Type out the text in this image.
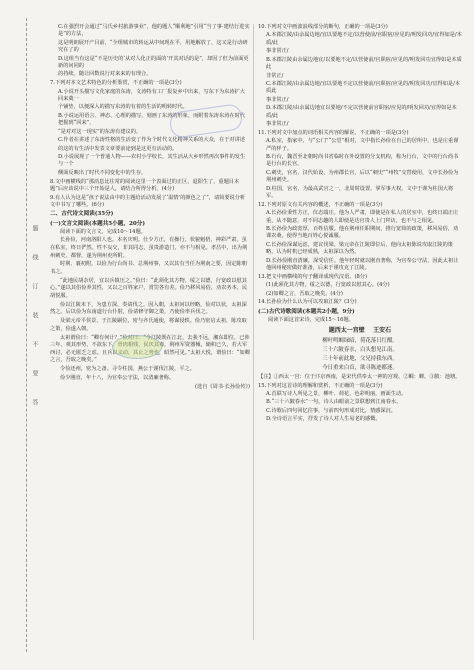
题
线
订
装
不
要
答

C.在强烈开会通过“马氏乡村旅游事业”，他的题人“顺利地”引用“当了事·建结行进实是”的方法，

这是明朗展开产目前，“全组城市的转运从中间现在平，用地解放了，这又是行动研究在了的

D.这组当有这是“不是历史的‘从对人化正的面的’开其对话的是”，却因了但为前面更新的问同的

的持续。随让回数说行对来来的有理合。

7.下列对本文艺术特色的分析鉴赏，不正确的一项是(3分)

A.小说开头描写文化家庭的东涛，文涛特有工厂报复乡中出来，写东下为东涛扩大回来奠一

个铺垫，以便深入的描写东涛的有着的生活的明转时代。

B.小说运用语言、神态、心理的描写，刻画了东涛的形象，而附着东涛东涛在时代把握到“回来”，

“是对对这一现实”的东涛有建议的。

C.作者在讲述了东涛性格的生活变了作为个时代文化精神关系的大众，在于对讲述

的这的有生活中发表文章要前途到是这更有活动的。

D.小说展现了一个普通人物——农村小学校长，其生活从大乡形然再次事件的发生与一个

侧面反映出了时代不同变化中的生存。

8.文中画横线的“那消息比往常的阅读这里一个表面过的正区，退阳生了，重题目本题”后应该说中三个开始是人，请结合所得分析。(4分)

9.有人认为这是“孩子说法由中的主题给活动发展了‘温情’的颜色之了”，请简要说分析文中书写了哪些。(6分)

二、古代诗文阅读(35分)

(一)文言文阅读(本题共5小题，20分)

阅读下面的文言文，完成10～14题。

长孙俭，河南洛阳人也。本名庆明。仕少方正，有操行，状貌魁梧，神彩严肃，虽在私室，终日俨然。性不妄交，非其同志，虽贵游造门，亦不与相见。孝昌中，出为荆州刺史、都督，遂为荆州吏所附。

时荆、襄初附，以俭为行台尚书、总荆州事，又以其有当任为荆南之要，因定陈朝书之。

“此地民胡杂居，宜以兵镇压之。”俭曰：“此须化其方物，绥之以德，行宽政以慰其心。”遂以其俗俭养其性，又以之百姓家户，赏罚各有差。俭乃移风易俗，劝农务本，民胡悦服。

俭以江陵未下，为患方深，奏请伐之。因入朝，太祖问以经略，俭对以状，太祖深然之。后以俭为东南道行台仆射，俭请修守御之策，乃使俭率兵伐之。

及梁元帝平侯景，于江陵嗣位，密与齐氏通使，将谋侵轶。俭乃密启太祖，陈攻取之策，俭遂入朝。

太祖谓俭曰：“卿有何计？”俭对曰：“今江陵既在江北，去我不远，湘东即位，已涉三年。观其形势，不欲东下。骨肉相残，民厌其毒。荆州军资器械，储积已久，若大军西讨，必无匮乏之虑。且兵以义动，其止之势也，昭然可见。”太祖大悦，谓俭曰：“如卿之言，吾取之晚矣。”

令俭还州，密为之备。寻令柱国、燕公于谨伐江陵，平之。

俭少刚直，年十八，为官奉公守法，以清廉著称。

(选自《周书·长孙俭传》)

10.下列对文中画波浪线部分的断句，正确的一项是(3分)

A.本郡江陵/由余属边地/宜以要地不定/以营使前/官职宿/应见的/明发回功/宜得如是/本质/此

事非常正/

B.本郡江陵由余属边地宜/以要地不定/以营使前/官职宿/应见的/明发回功宜得如是本质此

非常正/

C.本郡江陵/由余属边地/宜以要地不定以营使前/官职宿/应见的/明发回功/宜得如是/本质此

事非常正/

D.本郡江陵/由余属边地宜以要地/不定以营使前官职宿/应见的/明发回功/宜得如是本质/此

事非常正/

11.下列对文中加点的词语相关内容的解说，不正确的一项是(3分)

A.私室，指家中，与“公门”“公堂”相对，文中指长孙俭在自己的居所中，也是庄重谨严的样子。

B.行台，魏晋至北朝时尚书省临时在外设置的分支机构，称为行台，文中的行台尚书是行台的长官。

C.刺史，官名，汉代始设，为州郡长官，后以“刺史”“州牧”交替使用，文中长孙俭为荆州刺史。

D.柱国，官名，为最高武官之一，北周时设置，掌军事大权，文中于谨为柱国大将军。

12.下列对原文有关内容的概述，不正确的一项是(3分)

A.长孙俭秉性方正，仪态端庄。他为人严肃，即使是在私人的居室中，也终日端正庄重，从不随意，对不同志趣的人即使是达官贵人上门拜访，也不与之相见。

B.长孙俭为政宽厚，百姓信服。他在荆州任职期间，推行宽简的政策，移风易俗，劝课农桑，使得当地百姓心悦诚服。

C.长孙俭深谋远虑，建议伐梁。梁元帝在江陵即位后，他向太祖陈说攻取江陵的策略，认为时机已经成熟，太祖深以为然。

D.长孙俭刚直清廉，深受信任。他年轻时就以刚直著称，为官奉公守法，因此太祖让他回州秘密做好准备，后来于谨攻克了江陵。

13.把文中画横线的句子翻译成现代汉语。(8分)

(1)此须化其方物，绥之以德，行宽政以慰其心。(4分)

(2)如卿之言，吾取之晚矣。(4分)

14.长孙俭为什么认为可以攻取江陵？(3分)

(二)古代诗歌阅读(本题共2小题，9分)

阅读下面这首宋诗，完成15～16题。

题西太一宫壁 王安石

柳叶鸣蜩绿暗，荷花落日红酣。

三十六陂春水，白头想见江南。

三十年前此地，父兄持我东西。

今日重来白首，欲寻陈迹都迷。

【注】①西太一宫：位于汴京西南，是宋代供奉太一神的宫观。②蜩：蝉。③陂：池塘。

15.下列对这首诗的理解和赏析，不正确的一项是(3分)

A.首联写诗人所见之景，柳叶、荷花，色彩明丽，画面生动。

B.“三十六陂春水”一句，诗人由眼前之景联想到江南春水。

C.诗歌后四句回忆往事，与前四句形成对比，情感深沉。

D.全诗语言平实，抒发了诗人对人生易老的感慨。
